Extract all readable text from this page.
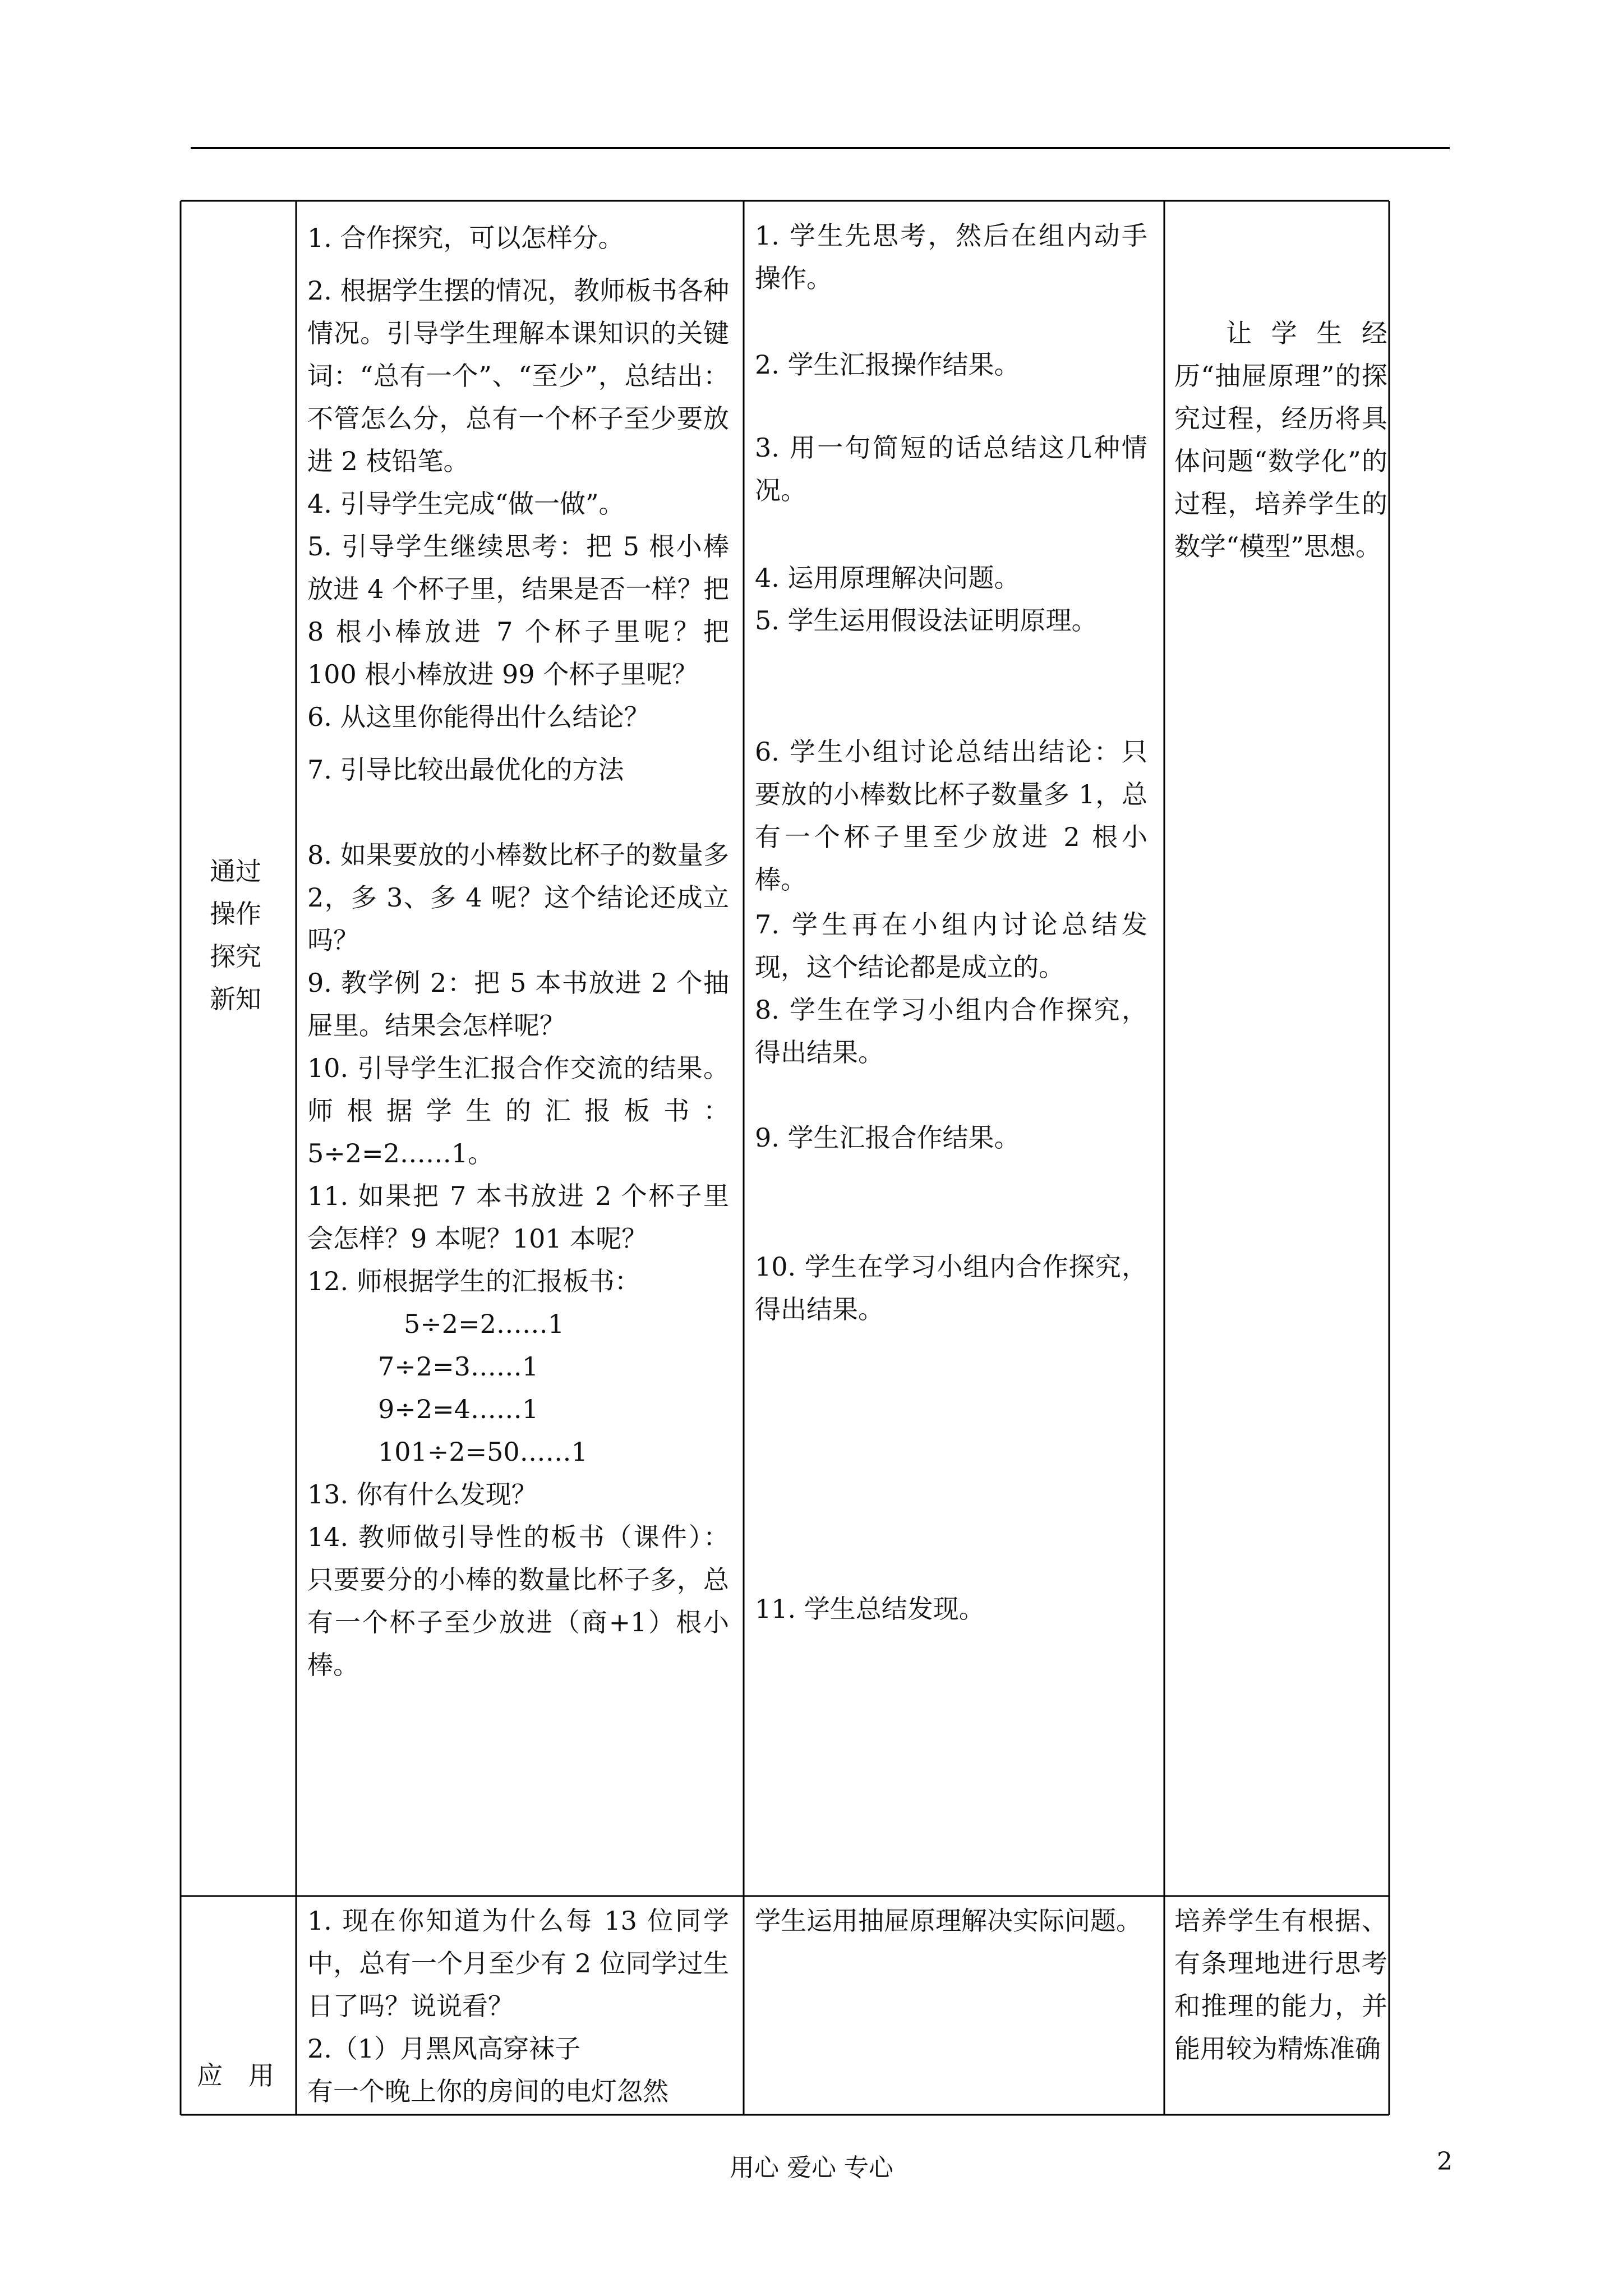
通过

操作

探究

新知

1. 合作探究，可以怎样分。

2. 根据学生摆的情况，教师板书各种情况。引导学生理解本课知识的关键词：“总有一个”、“至少”，总结出：不管怎么分，总有一个杯子至少要放进 2 枝铅笔。

4. 引导学生完成“做一做”。

5. 引导学生继续思考：把 5 根小棒放进 4 个杯子里，结果是否一样？把 8 根小棒放进 7 个杯子里呢？把 100 根小棒放进 99 个杯子里呢？

6. 从这里你能得出什么结论？

7. 引导比较出最优化的方法

8. 如果要放的小棒数比杯子的数量多 2，多 3、多 4 呢？这个结论还成立吗？

9. 教学例 2：把 5 本书放进 2 个抽屉里。结果会怎样呢？

10. 引导学生汇报合作交流的结果。师根据学生的汇报板书：5÷2=2……1。

11. 如果把 7 本书放进 2 个杯子里会怎样？9 本呢？101 本呢？

12. 师根据学生的汇报板书：

5÷2=2……1

7÷2=3……1

9÷2=4……1

101÷2=50……1

13. 你有什么发现？

14. 教师做引导性的板书（课件）：只要要分的小棒的数量比杯子多，总有一个杯子至少放进（商+1）根小棒。

1. 学生先思考，然后在组内动手操作。

2. 学生汇报操作结果。

3. 用一句简短的话总结这几种情况。

4. 运用原理解决问题。

5. 学生运用假设法证明原理。

6. 学生小组讨论总结出结论：只要放的小棒数比杯子数量多 1，总有一个杯子里至少放进 2 根小棒。

7. 学生再在小组内讨论总结发现，这个结论都是成立的。

8. 学生在学习小组内合作探究，得出结果。

9. 学生汇报合作结果。

10. 学生在学习小组内合作探究，得出结果。

11. 学生总结发现。

让学生经历“抽屉原理”的探究过程，经历将具体问题“数学化”的过程，培养学生的数学“模型”思想。
应　用

1. 现在你知道为什么每 13 位同学中，总有一个月至少有 2 位同学过生日了吗？说说看？

2.（1）月黑风高穿袜子

有一个晚上你的房间的电灯忽然

学生运用抽屉原理解决实际问题。 培养学生有根据、有条理地进行思考和推理的能力，并能用较为精炼准确
用心 爱心 专心	2
